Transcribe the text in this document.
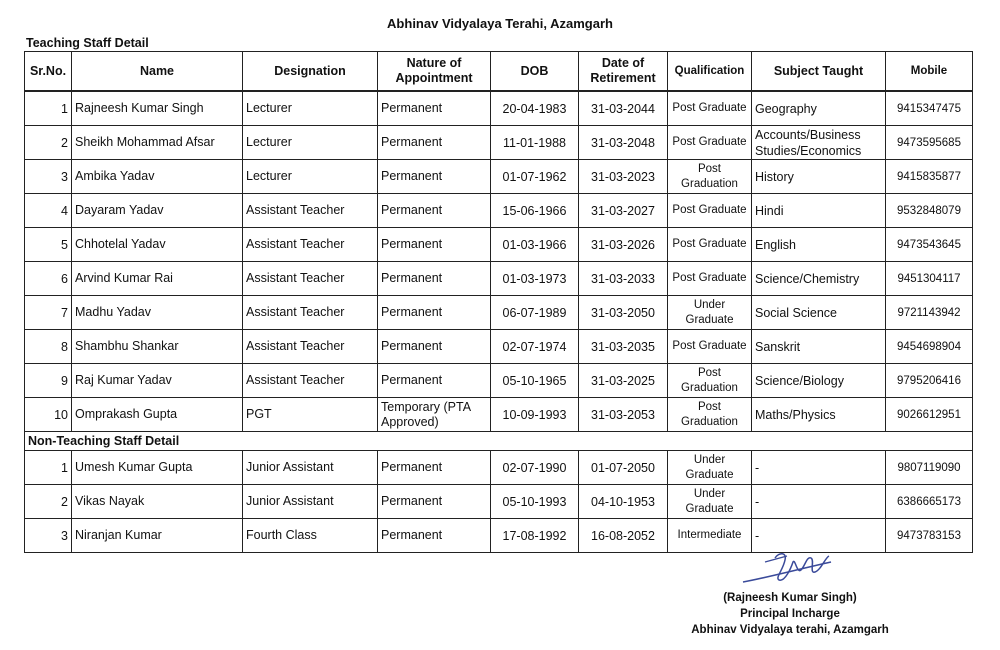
Abhinav Vidyalaya Terahi, Azamgarh
Teaching Staff Detail
Sr.No.	Name	Designation	Nature of Appointment	DOB	Date of Retirement	Qualification	Subject Taught	Mobile
1	Rajneesh Kumar Singh	Lecturer	Permanent	20-04-1983	31-03-2044	Post Graduate	Geography	9415347475
2	Sheikh Mohammad Afsar	Lecturer	Permanent	11-01-1988	31-03-2048	Post Graduate	Accounts/Business Studies/Economics	9473595685
3	Ambika Yadav	Lecturer	Permanent	01-07-1962	31-03-2023	Post Graduation	History	9415835877
4	Dayaram Yadav	Assistant Teacher	Permanent	15-06-1966	31-03-2027	Post Graduate	Hindi	9532848079
5	Chhotelal Yadav	Assistant Teacher	Permanent	01-03-1966	31-03-2026	Post Graduate	English	9473543645
6	Arvind Kumar Rai	Assistant Teacher	Permanent	01-03-1973	31-03-2033	Post Graduate	Science/Chemistry	9451304117
7	Madhu Yadav	Assistant Teacher	Permanent	06-07-1989	31-03-2050	Under Graduate	Social Science	9721143942
8	Shambhu Shankar	Assistant Teacher	Permanent	02-07-1974	31-03-2035	Post Graduate	Sanskrit	9454698904
9	Raj Kumar Yadav	Assistant Teacher	Permanent	05-10-1965	31-03-2025	Post Graduation	Science/Biology	9795206416
10	Omprakash Gupta	PGT	Temporary (PTA Approved)	10-09-1993	31-03-2053	Post Graduation	Maths/Physics	9026612951
Non-Teaching Staff Detail								
1	Umesh Kumar Gupta	Junior Assistant	Permanent	02-07-1990	01-07-2050	Under Graduate	-	9807119090
2	Vikas Nayak	Junior Assistant	Permanent	05-10-1993	04-10-1953	Under Graduate	-	6386665173
3	Niranjan Kumar	Fourth Class	Permanent	17-08-1992	16-08-2052	Intermediate	-	9473783153
(Rajneesh Kumar Singh)
Principal Incharge
Abhinav Vidyalaya terahi, Azamgarh
